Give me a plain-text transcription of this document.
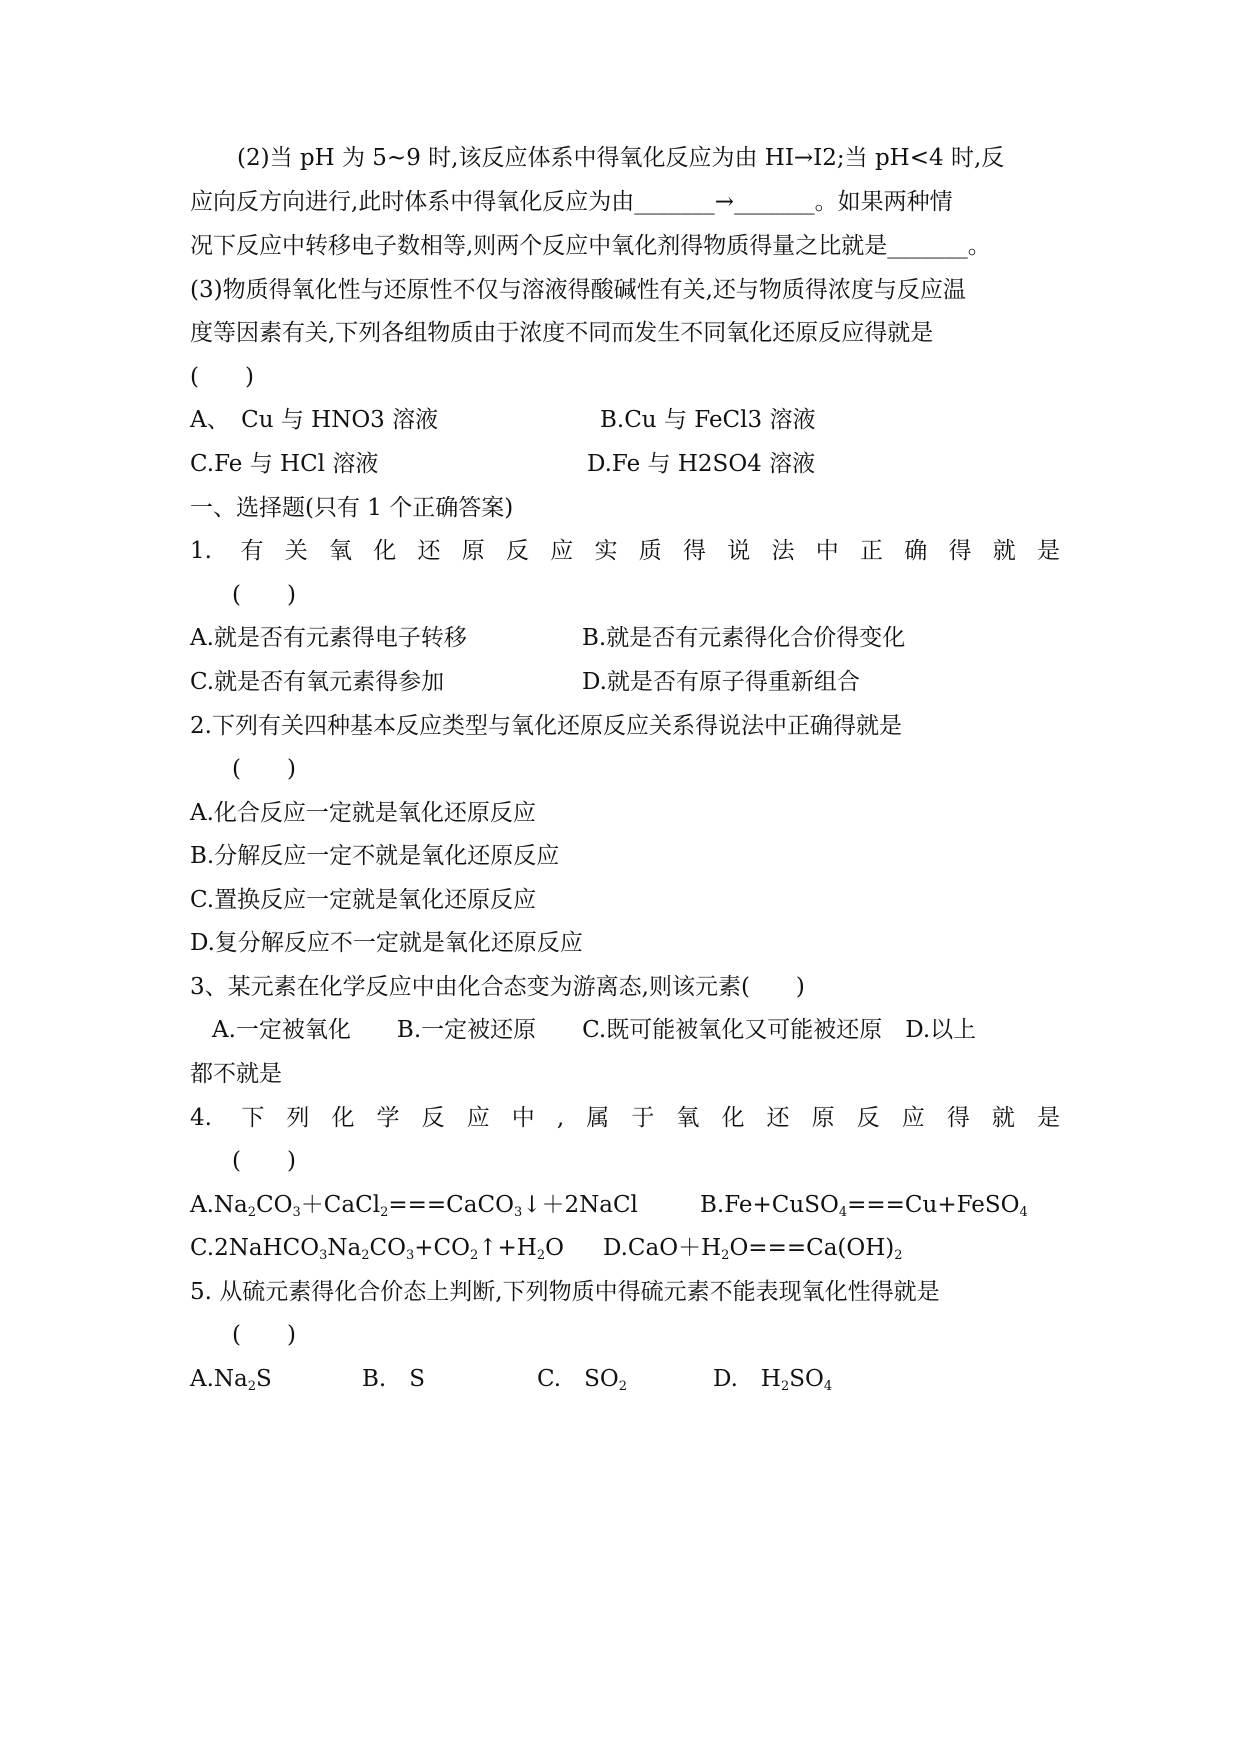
(2)当 pH 为 5~9 时,该反应体系中得氧化反应为由 HI→I2;当 pH<4 时,反
应向反方向进行,此时体系中得氧化反应为由_______→_______。如果两种情
况下反应中转移电子数相等,则两个反应中氧化剂得物质得量之比就是_______。
(3)物质得氧化性与还原性不仅与溶液得酸碱性有关,还与物质得浓度与反应温
度等因素有关,下列各组物质由于浓度不同而发生不同氧化还原反应得就是
(　　)
A、　Cu 与 HNO3 溶液	B.Cu 与 FeCl3 溶液
C.Fe 与 HCl 溶液	D.Fe 与 H2SO4 溶液
一、选择题(只有 1 个正确答案)
1. 有关氧化还原反应实质得说法中正确得就是
(　　)
A.就是否有元素得电子转移	B.就是否有元素得化合价得变化
C.就是否有氧元素得参加	D.就是否有原子得重新组合
2.下列有关四种基本反应类型与氧化还原反应关系得说法中正确得就是
(　　)
A.化合反应一定就是氧化还原反应
B.分解反应一定不就是氧化还原反应
C.置换反应一定就是氧化还原反应
D.复分解反应不一定就是氧化还原反应
3、某元素在化学反应中由化合态变为游离态,则该元素(　　)
A.一定被氧化　　B.一定被还原　　C.既可能被氧化又可能被还原　D.以上
都不就是
4. 下列化学反应中,属于氧化还原反应得就是
(　　)
$A.Na_2CO_3+CaCl_2===CaCO_3↓+2NaCl$	B.Fe+CuSO$_4$===Cu+FeSO$_4$
$C.2NaHCO_3Na_2CO_3+CO_2↑+H_2O$ $D.CaO+H_2O===Ca(OH)_2$
5. 从硫元素得化合价态上判断,下列物质中得硫元素不能表现氧化性得就是
(　　)
$A.Na_2S$	B.　S	C.　$SO_2$	D.　$H_2SO_4$
